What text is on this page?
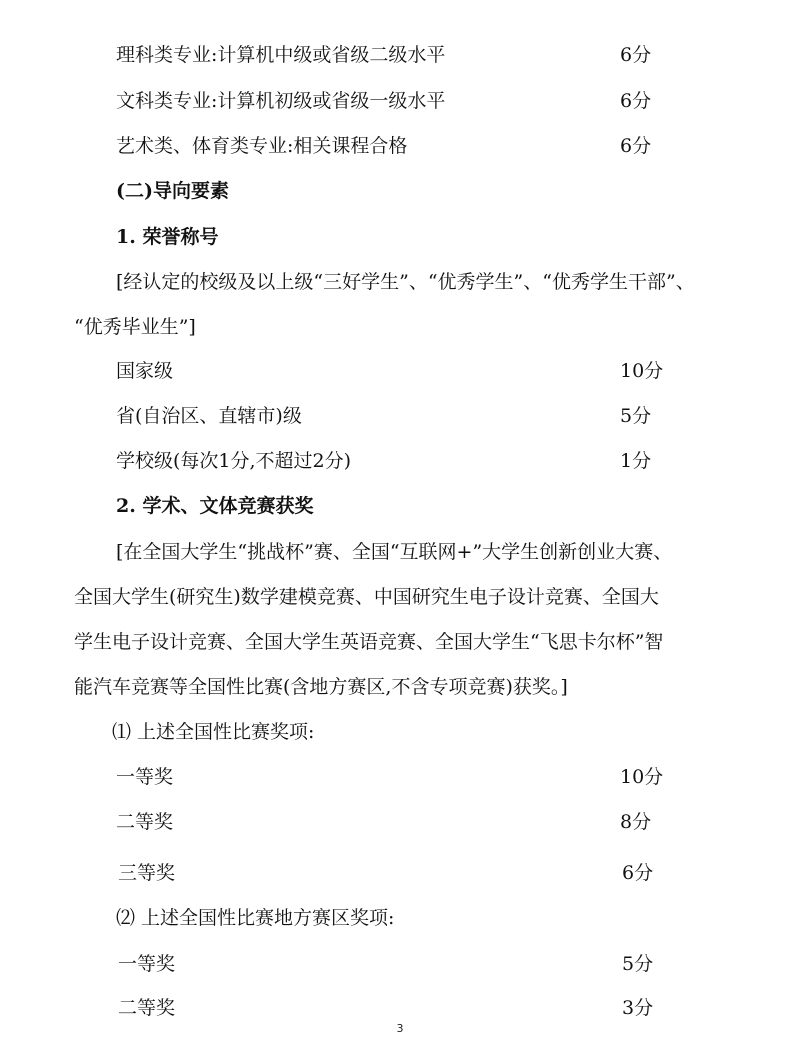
理科类专业:计算机中级或省级二级水平	6分
文科类专业:计算机初级或省级一级水平	6分
艺术类、体育类专业:相关课程合格	6分
(二)导向要素
1. 荣誉称号
[经认定的校级及以上级“三好学生”、“优秀学生”、“优秀学生干部”、
“优秀毕业生”]
国家级	10分
省(自治区、直辖市)级	5分
学校级(每次1分,不超过2分)	1分
2. 学术、文体竞赛获奖
[在全国大学生“挑战杯”赛、全国“互联网+”大学生创新创业大赛、
全国大学生(研究生)数学建模竞赛、中国研究生电子设计竞赛、全国大
学生电子设计竞赛、全国大学生英语竞赛、全国大学生“飞思卡尔杯”智
能汽车竞赛等全国性比赛(含地方赛区,不含专项竞赛)获奖。]
⑴ 上述全国性比赛奖项:
一等奖	10分
二等奖	8分
三等奖	6分
⑵ 上述全国性比赛地方赛区奖项:
一等奖	5分
二等奖	3分
3
